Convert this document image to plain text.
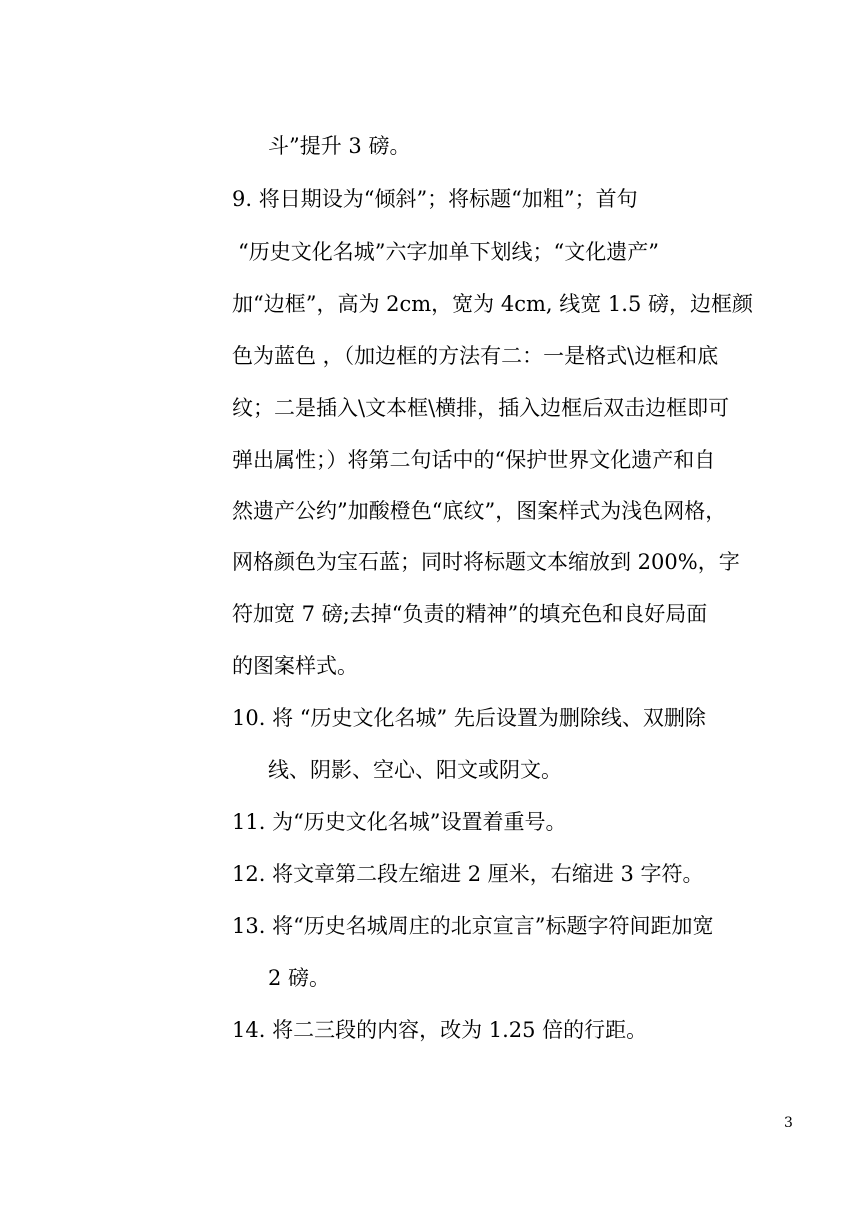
斗”提升 3 磅。
9. 将日期设为“倾斜”；将标题“加粗”；首句
“历史文化名城”六字加单下划线；“文化遗产”
加“边框”，高为 2cm，宽为 4cm, 线宽 1.5 磅，边框颜
色为蓝色 ，（加边框的方法有二：一是格式\边框和底
纹；二是插入\文本框\横排，插入边框后双击边框即可
弹出属性；）将第二句话中的“保护世界文化遗产和自
然遗产公约”加酸橙色“底纹”，图案样式为浅色网格，
网格颜色为宝石蓝；同时将标题文本缩放到 200%，字
符加宽 7 磅;去掉“负责的精神”的填充色和良好局面
的图案样式。
10. 将 “历史文化名城” 先后设置为删除线、双删除
线、阴影、空心、阳文或阴文。
11. 为“历史文化名城”设置着重号。
12. 将文章第二段左缩进 2 厘米，右缩进 3 字符。
13. 将“历史名城周庄的北京宣言”标题字符间距加宽
2 磅。
14. 将二三段的内容，改为 1.25 倍的行距。
3
